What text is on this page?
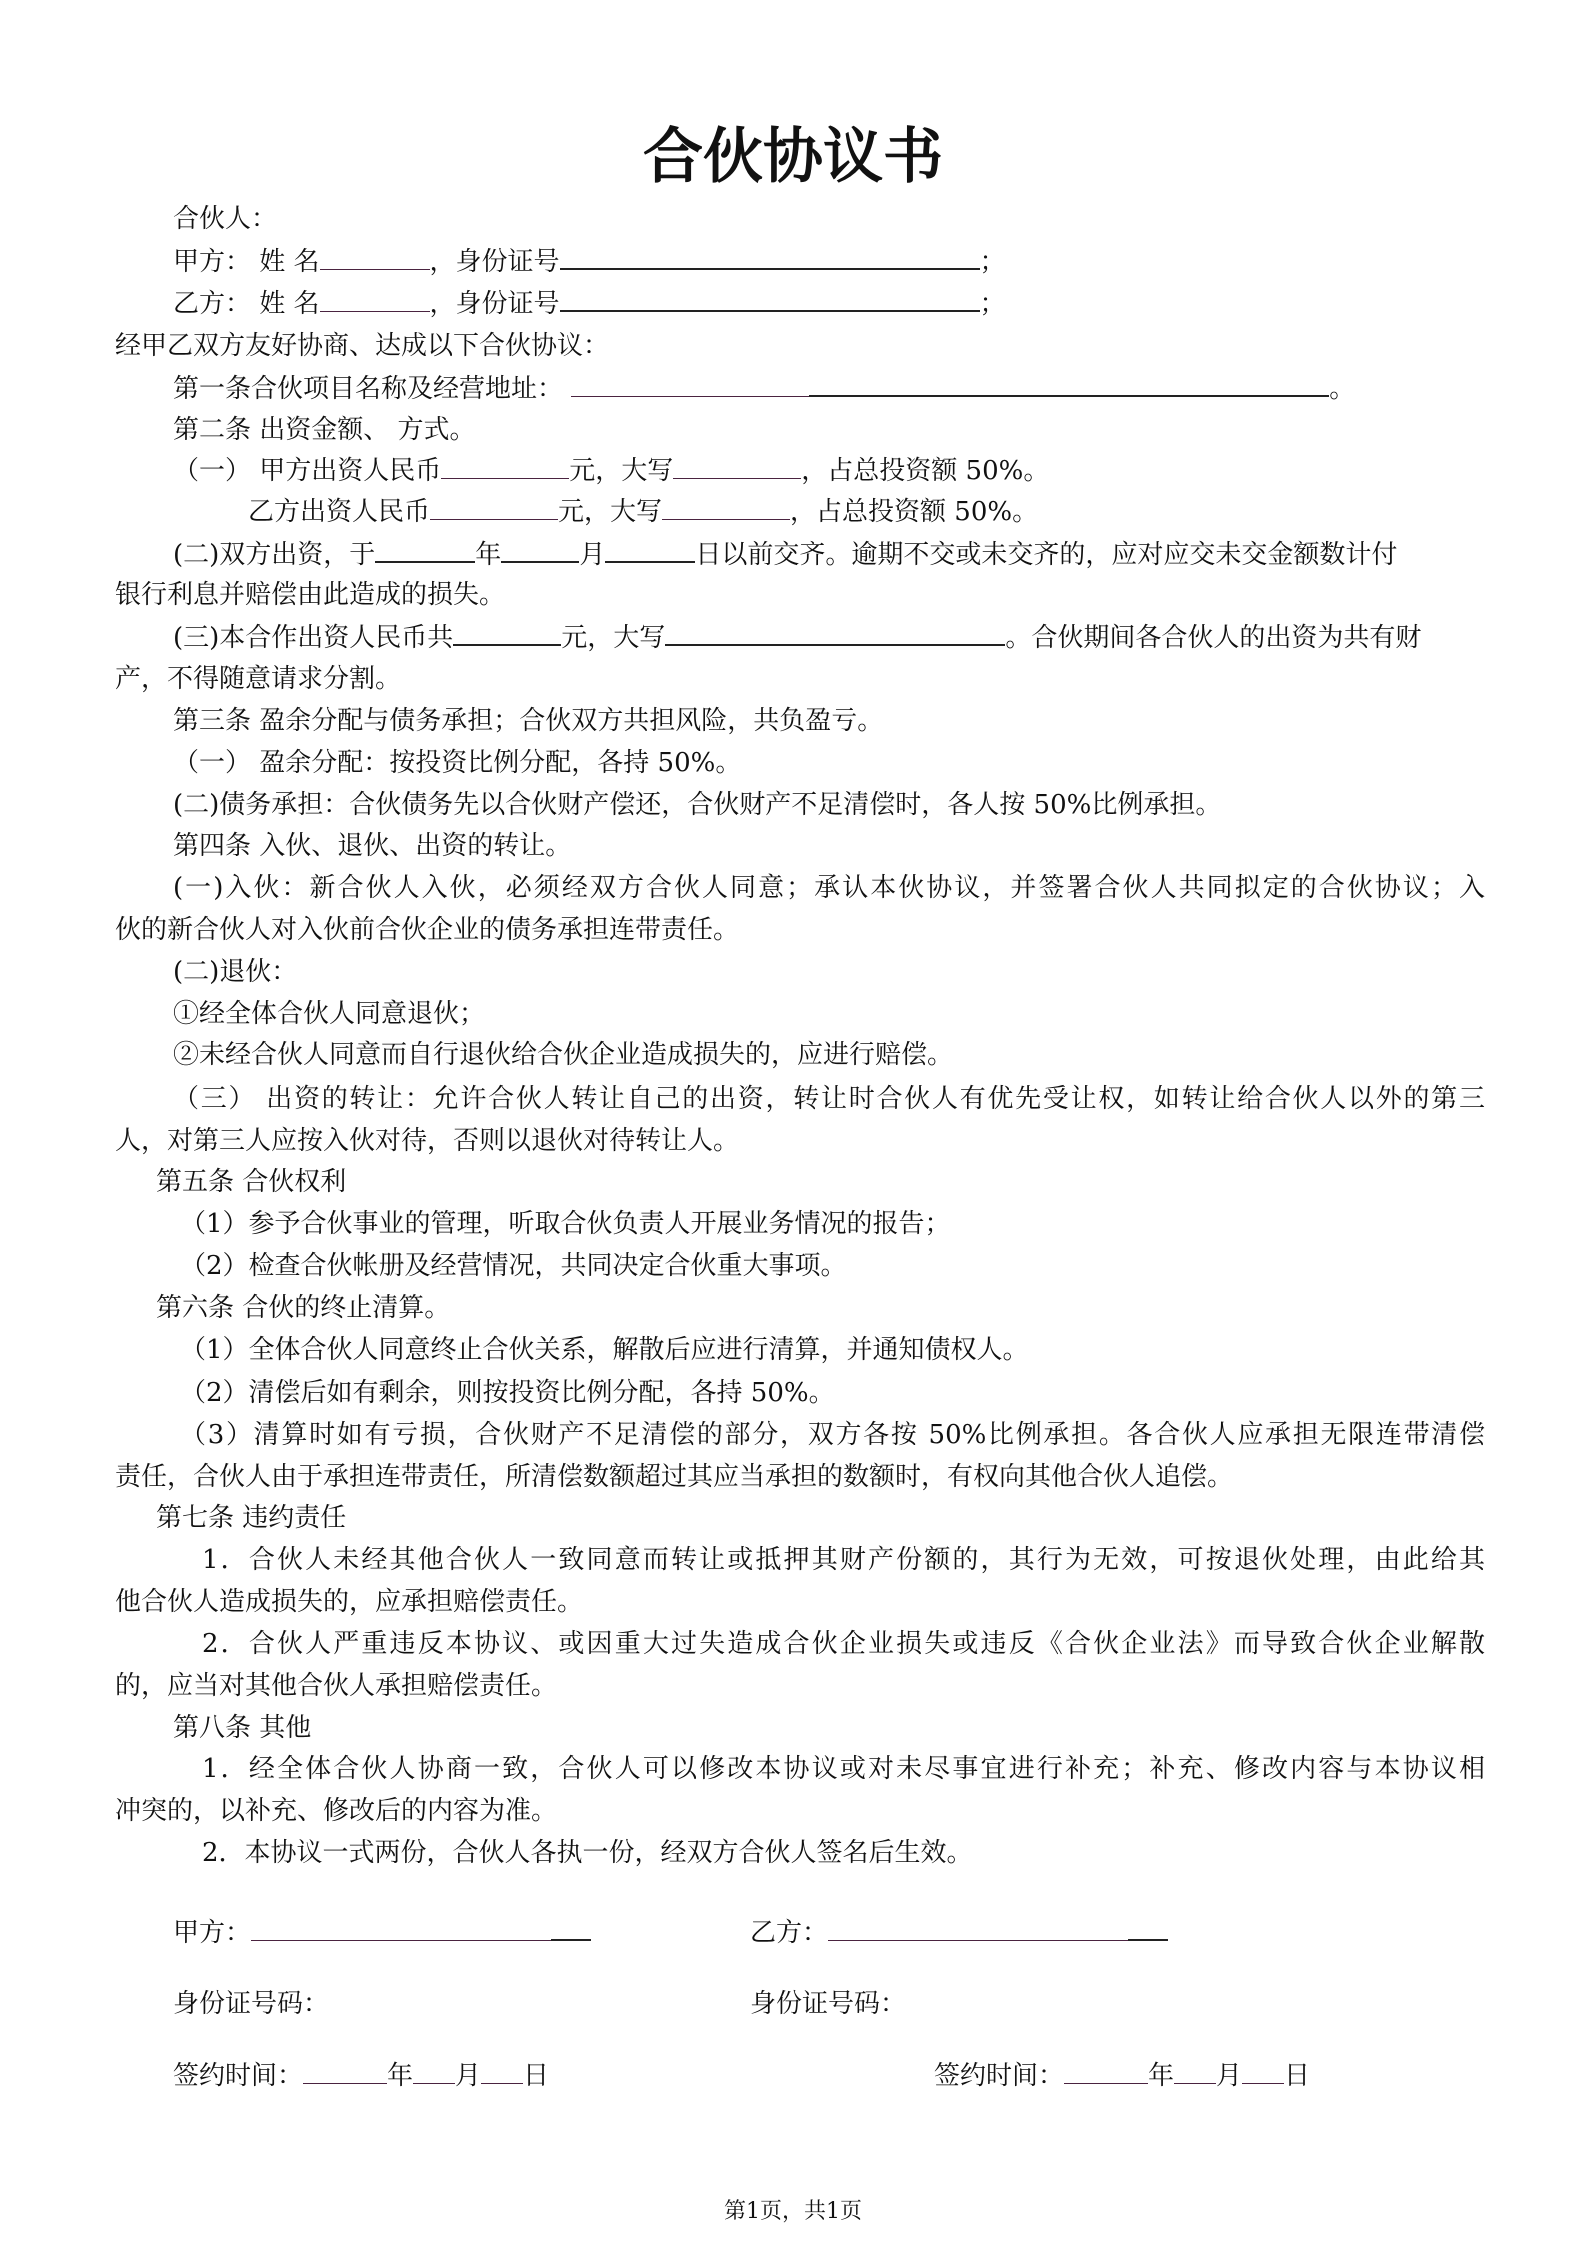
合伙协议书
合伙人：
甲方： 姓 名	，身份证号	；
乙方： 姓 名	，身份证号	；
经甲乙双方友好协商、达成以下合伙协议：
第一条合伙项目名称及经营地址：	。
第二条 出资金额、 方式。
（一） 甲方出资人民币	元，大写	，占总投资额 50%。
乙方出资人民币	元，大写	，占总投资额 50%。
(二)双方出资，于	年	月	日以前交齐。逾期不交或未交齐的，应对应交未交金额数计付
银行利息并赔偿由此造成的损失。
(三)本合作出资人民币共	元，大写	。合伙期间各合伙人的出资为共有财
产，不得随意请求分割。
第三条 盈余分配与债务承担；合伙双方共担风险，共负盈亏。
（一） 盈余分配：按投资比例分配，各持 50%。
(二)债务承担：合伙债务先以合伙财产偿还，合伙财产不足清偿时，各人按 50%比例承担。
第四条 入伙、退伙、出资的转让。
(一)入伙：新合伙人入伙，必须经双方合伙人同意；承认本伙协议，并签署合伙人共同拟定的合伙协议；入
伙的新合伙人对入伙前合伙企业的债务承担连带责任。
(二)退伙：
①经全体合伙人同意退伙；
②未经合伙人同意而自行退伙给合伙企业造成损失的，应进行赔偿。
（三） 出资的转让：允许合伙人转让自己的出资，转让时合伙人有优先受让权，如转让给合伙人以外的第三
人，对第三人应按入伙对待，否则以退伙对待转让人。
第五条 合伙权利
（1）参予合伙事业的管理，听取合伙负责人开展业务情况的报告；
（2）检查合伙帐册及经营情况，共同决定合伙重大事项。
第六条 合伙的终止清算。
（1）全体合伙人同意终止合伙关系，解散后应进行清算，并通知债权人。
（2）清偿后如有剩余，则按投资比例分配，各持 50%。
（3）清算时如有亏损，合伙财产不足清偿的部分，双方各按 50%比例承担。各合伙人应承担无限连带清偿
责任，合伙人由于承担连带责任，所清偿数额超过其应当承担的数额时，有权向其他合伙人追偿。
第七条 违约责任
1．合伙人未经其他合伙人一致同意而转让或抵押其财产份额的，其行为无效，可按退伙处理，由此给其
他合伙人造成损失的，应承担赔偿责任。
2．合伙人严重违反本协议、或因重大过失造成合伙企业损失或违反《合伙企业法》而导致合伙企业解散
的，应当对其他合伙人承担赔偿责任。
第八条 其他
1．经全体合伙人协商一致，合伙人可以修改本协议或对未尽事宜进行补充；补充、修改内容与本协议相
冲突的，以补充、修改后的内容为准。
2．本协议一式两份，合伙人各执一份，经双方合伙人签名后生效。
甲方：	乙方：
身份证号码：	身份证号码：
签约时间：	年 月 日	签约时间：	年 月 日
第1页，共1页
